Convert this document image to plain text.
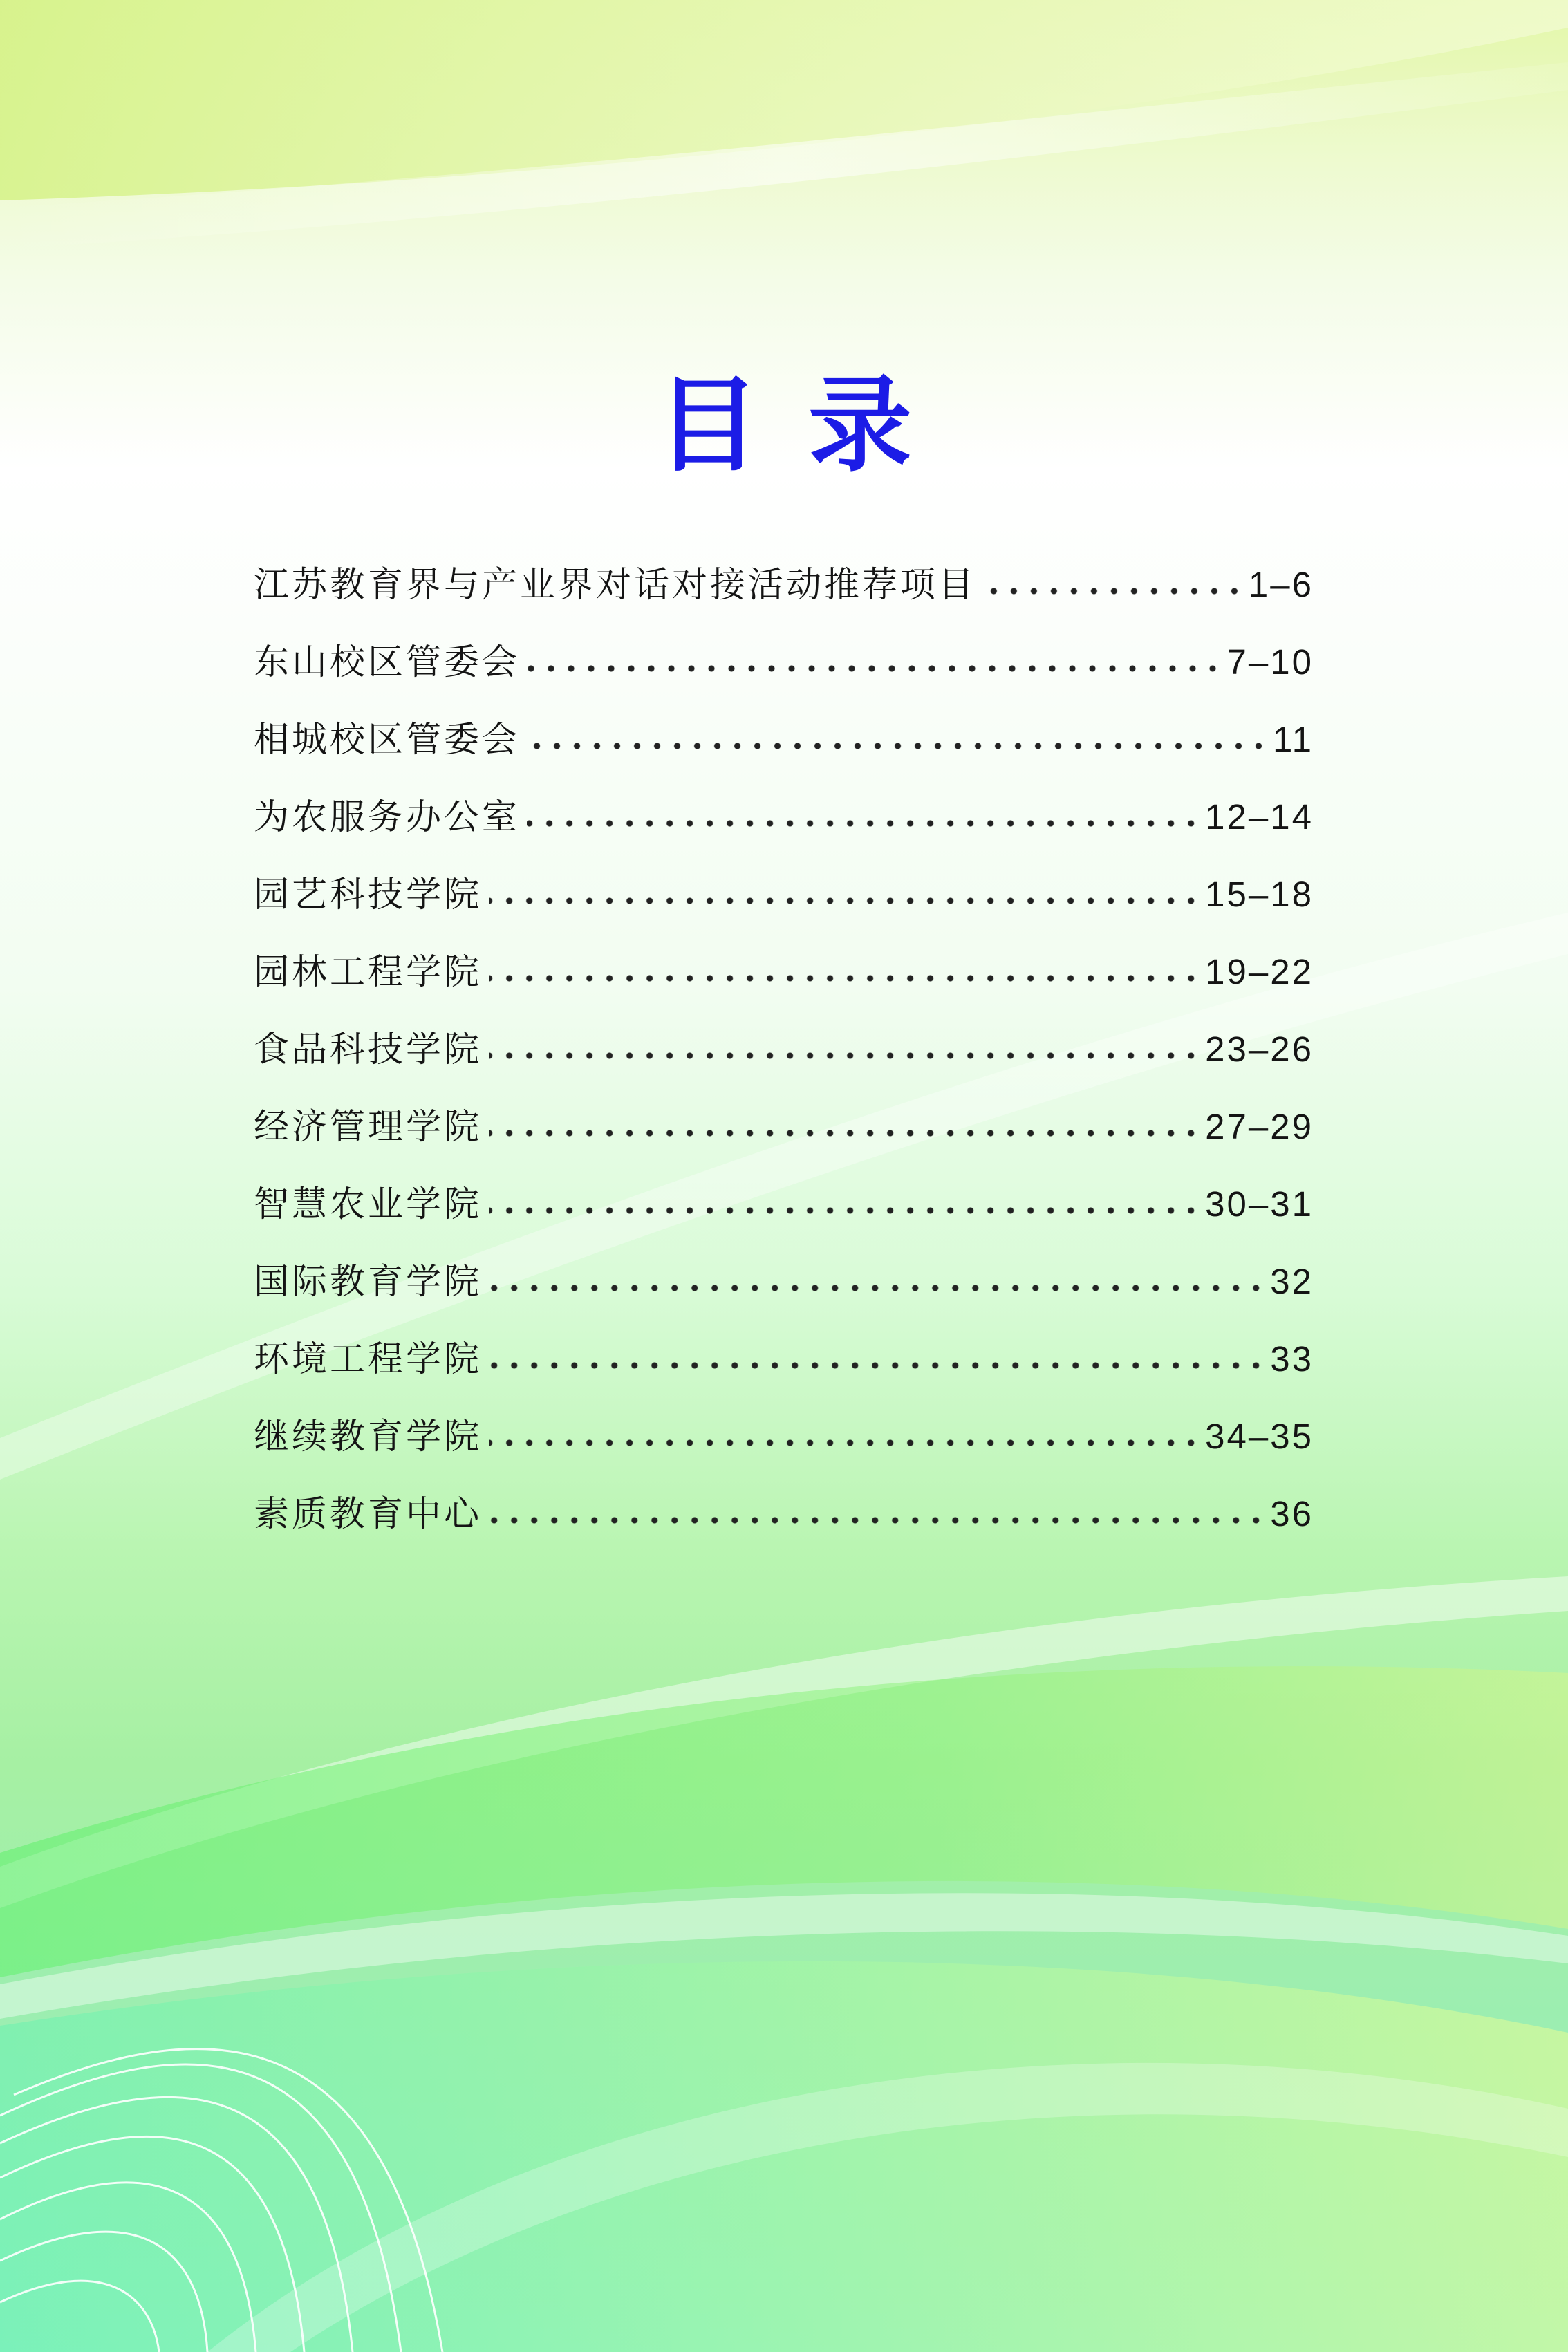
目录
江苏教育界与产业界对话对接活动推荐项目	1–6
东山校区管委会	7–10
相城校区管委会	11
为农服务办公室	12–14
园艺科技学院	15–18
园林工程学院	19–22
食品科技学院	23–26
经济管理学院	27–29
智慧农业学院	30–31
国际教育学院	32
环境工程学院	33
继续教育学院	34–35
素质教育中心	36
